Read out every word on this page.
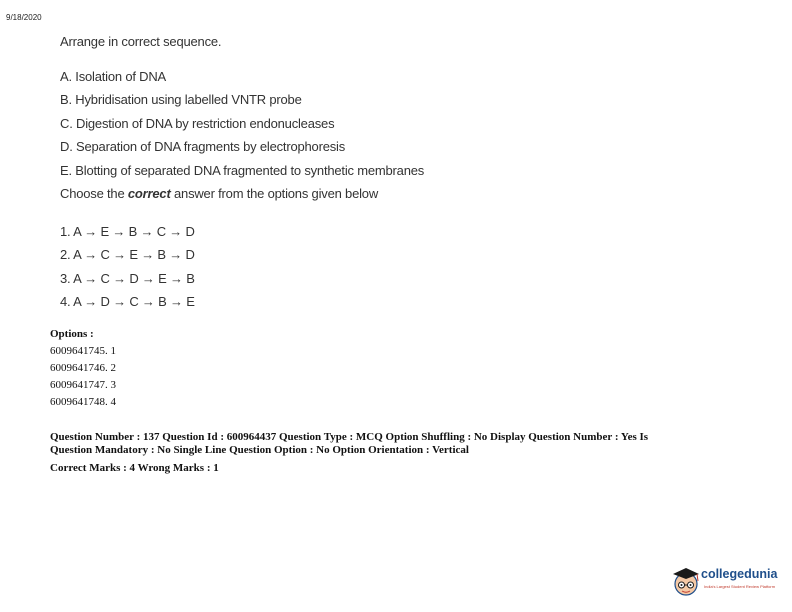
9/18/2020
Arrange in correct sequence.
A. Isolation of DNA
B. Hybridisation using labelled VNTR probe
C. Digestion of DNA by restriction endonucleases
D. Separation of DNA fragments by electrophoresis
E. Blotting of separated DNA fragmented to synthetic membranes
Choose the correct answer from the options given below
1. A → E → B → C → D
2. A → C → E → B → D
3. A → C → D → E → B
4. A → D → C → B → E
Options :
6009641745. 1
6009641746. 2
6009641747. 3
6009641748. 4
Question Number : 137 Question Id : 600964437 Question Type : MCQ Option Shuffling : No Display Question Number : Yes Is
Question Mandatory : No Single Line Question Option : No Option Orientation : Vertical
Correct Marks : 4 Wrong Marks : 1
collegedunia
India's Largest Student Review Platform
